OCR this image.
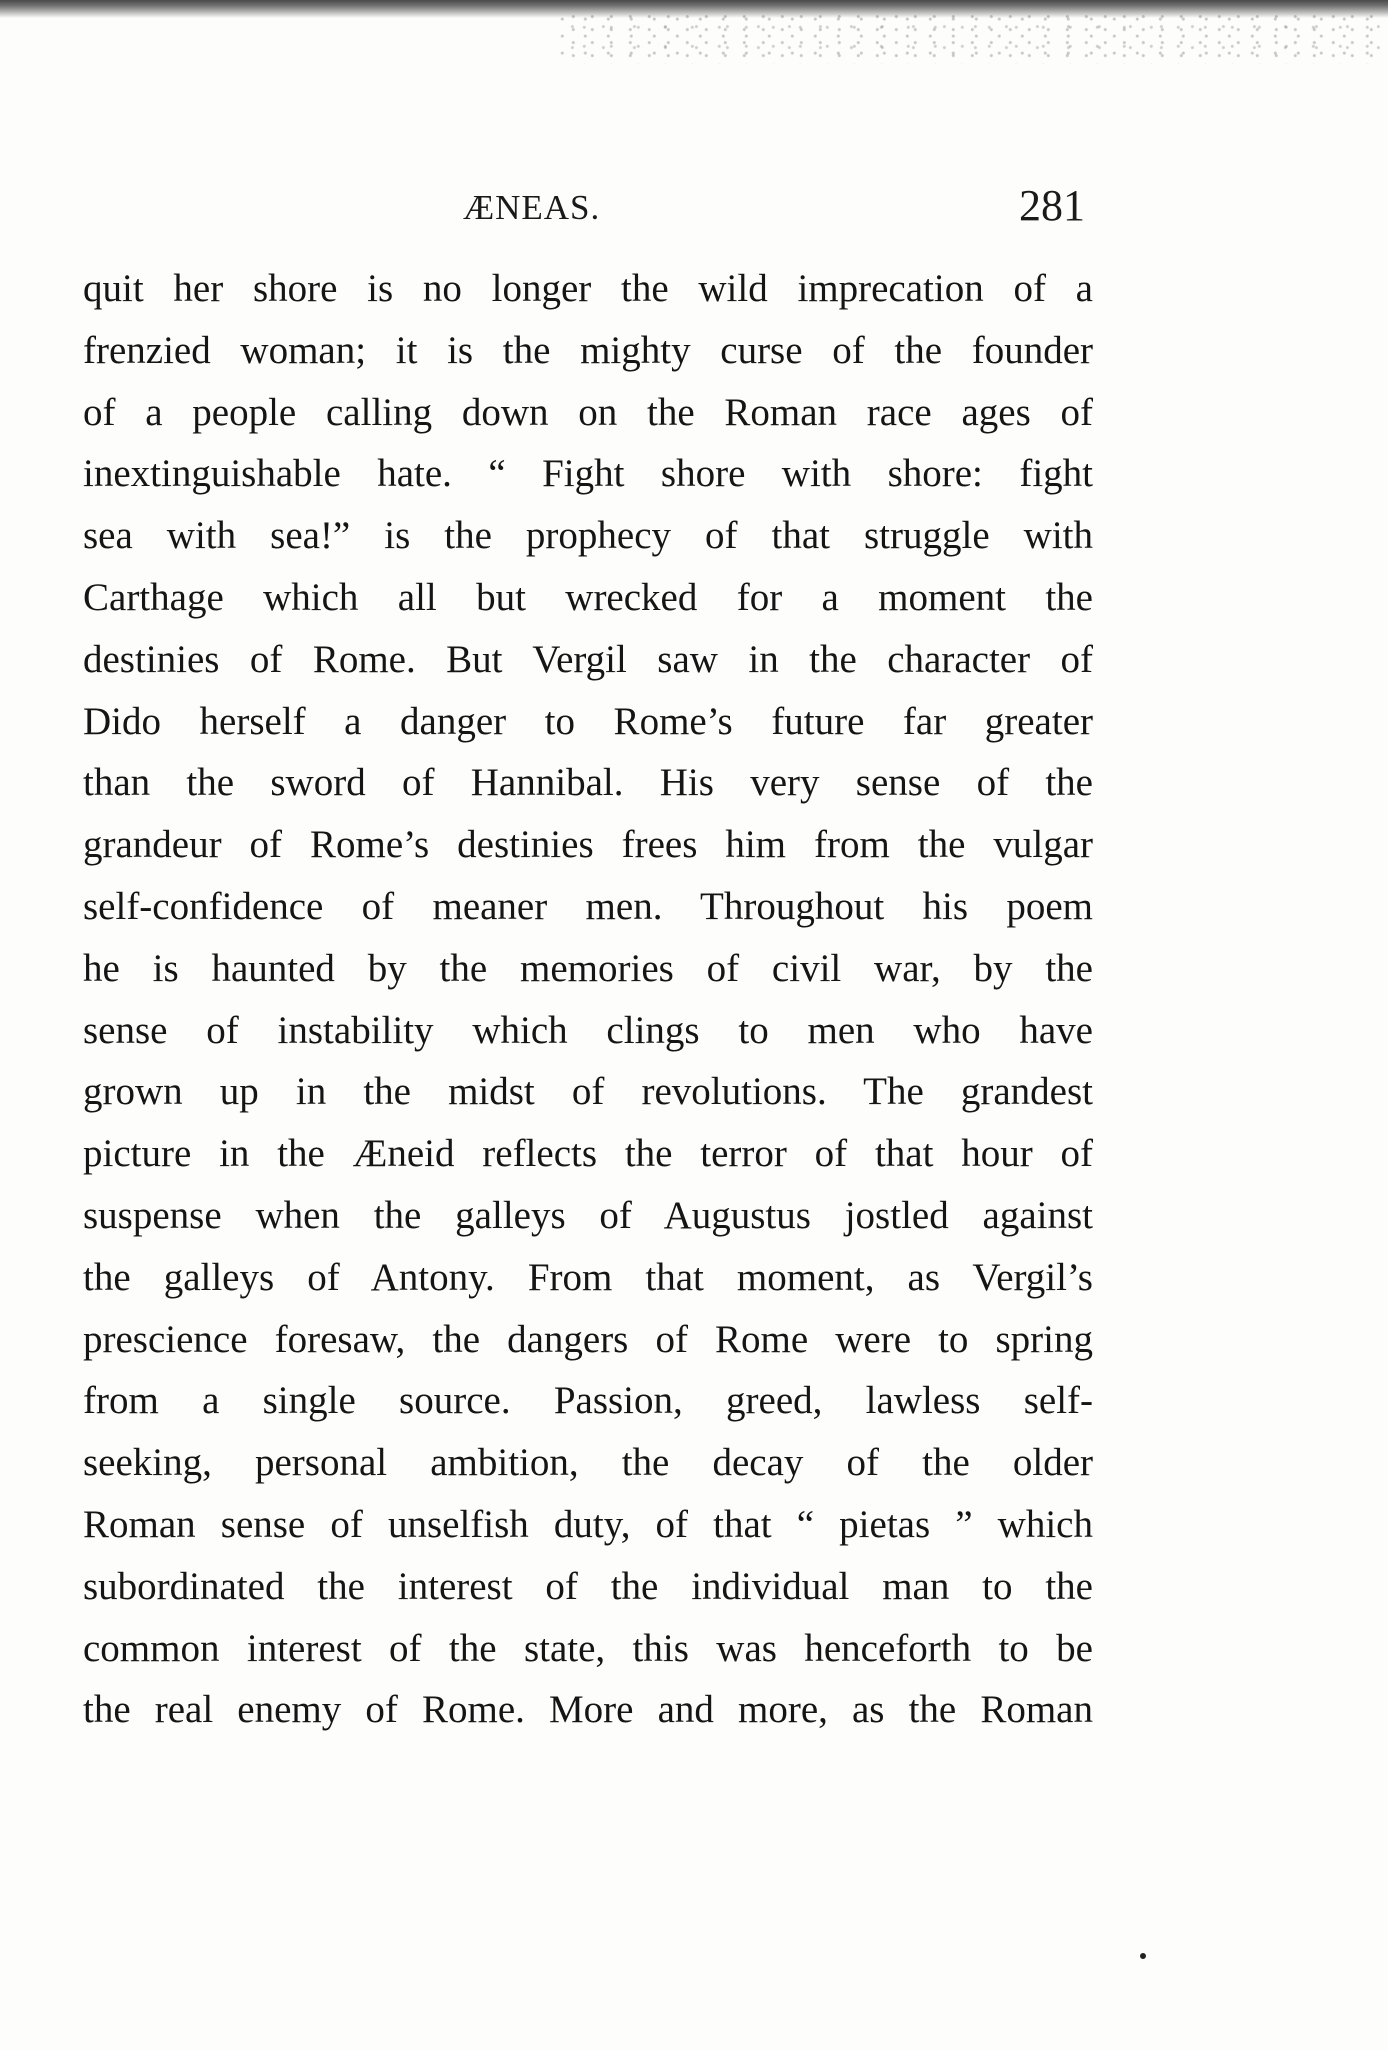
ÆNEAS.	281
quit her shore is no longer the wild imprecation of a
frenzied woman; it is the mighty curse of the founder
of a people calling down on the Roman race ages of
inextinguishable hate. “ Fight shore with shore: fight
sea with sea!” is the prophecy of that struggle with
Carthage which all but wrecked for a moment the
destinies of Rome. But Vergil saw in the character of
Dido herself a danger to Rome’s future far greater
than the sword of Hannibal. His very sense of the
grandeur of Rome’s destinies frees him from the vulgar
self-confidence of meaner men. Throughout his poem
he is haunted by the memories of civil war, by the
sense of instability which clings to men who have
grown up in the midst of revolutions. The grandest
picture in the Æneid reflects the terror of that hour of
suspense when the galleys of Augustus jostled against
the galleys of Antony. From that moment, as Vergil’s
prescience foresaw, the dangers of Rome were to spring
from a single source. Passion, greed, lawless self-
seeking, personal ambition, the decay of the older
Roman sense of unselfish duty, of that “ pietas ” which
subordinated the interest of the individual man to the
common interest of the state, this was henceforth to be
the real enemy of Rome. More and more, as the Roman
